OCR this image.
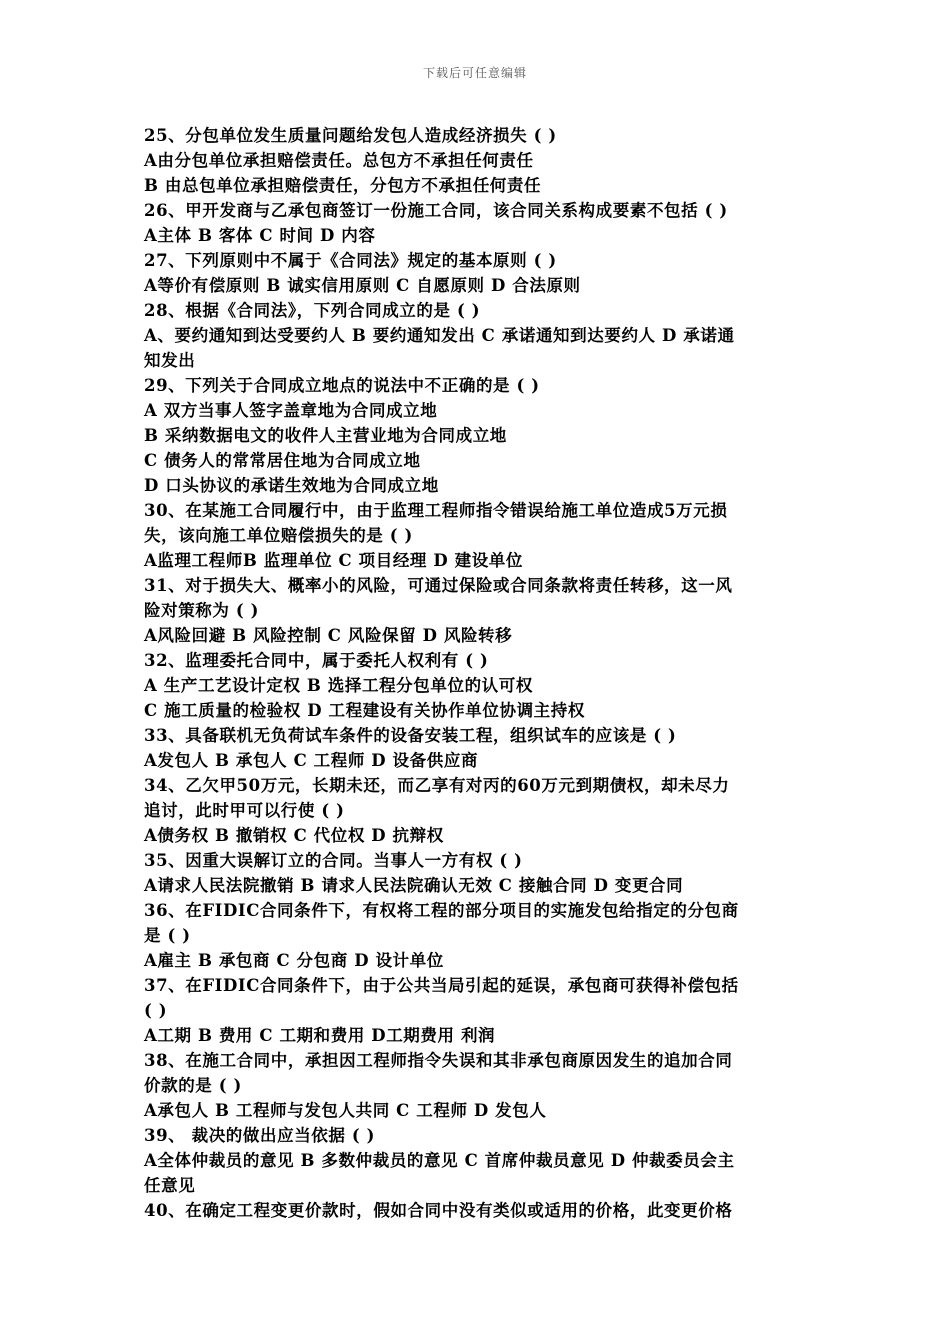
下载后可任意编辑
25、分包单位发生质量问题给发包人造成经济损失 ( )
A由分包单位承担赔偿责任。总包方不承担任何责任
B 由总包单位承担赔偿责任，分包方不承担任何责任
26、甲开发商与乙承包商签订一份施工合同，该合同关系构成要素不包括 ( )
A主体 B 客体 C 时间 D 内容
27、下列原则中不属于《合同法》规定的基本原则 ( )
A等价有偿原则 B 诚实信用原则 C 自愿原则 D 合法原则
28、根据《合同法》，下列合同成立的是 ( )
A、要约通知到达受要约人 B 要约通知发出 C 承诺通知到达要约人 D 承诺通
知发出
29、下列关于合同成立地点的说法中不正确的是 ( )
A 双方当事人签字盖章地为合同成立地
B 采纳数据电文的收件人主营业地为合同成立地
C 债务人的常常居住地为合同成立地
D 口头协议的承诺生效地为合同成立地
30、在某施工合同履行中，由于监理工程师指令错误给施工单位造成5万元损
失，该向施工单位赔偿损失的是 ( )
A监理工程师B 监理单位 C 项目经理 D 建设单位
31、对于损失大、概率小的风险，可通过保险或合同条款将责任转移，这一风
险对策称为 ( )
A风险回避 B 风险控制 C 风险保留 D 风险转移
32、监理委托合同中，属于委托人权利有 ( )
A 生产工艺设计定权 B 选择工程分包单位的认可权
C 施工质量的检验权 D 工程建设有关协作单位协调主持权
33、具备联机无负荷试车条件的设备安装工程，组织试车的应该是 ( )
A发包人 B 承包人 C 工程师 D 设备供应商
34、乙欠甲50万元，长期未还，而乙享有对丙的60万元到期债权，却未尽力
追讨，此时甲可以行使 ( )
A债务权 B 撤销权 C 代位权 D 抗辩权
35、因重大误解订立的合同。当事人一方有权 ( )
A请求人民法院撤销 B 请求人民法院确认无效 C 接触合同 D 变更合同
36、在FIDIC合同条件下，有权将工程的部分项目的实施发包给指定的分包商
是 ( )
A雇主 B 承包商 C 分包商 D 设计单位
37、在FIDIC合同条件下，由于公共当局引起的延误，承包商可获得补偿包括
( )
A工期 B 费用 C 工期和费用 D工期费用 利润
38、在施工合同中，承担因工程师指令失误和其非承包商原因发生的追加合同
价款的是 ( )
A承包人 B 工程师与发包人共同 C 工程师 D 发包人
39、 裁决的做出应当依据 ( )
A全体仲裁员的意见 B 多数仲裁员的意见 C 首席仲裁员意见 D 仲裁委员会主
任意见
40、在确定工程变更价款时，假如合同中没有类似或适用的价格，此变更价格
